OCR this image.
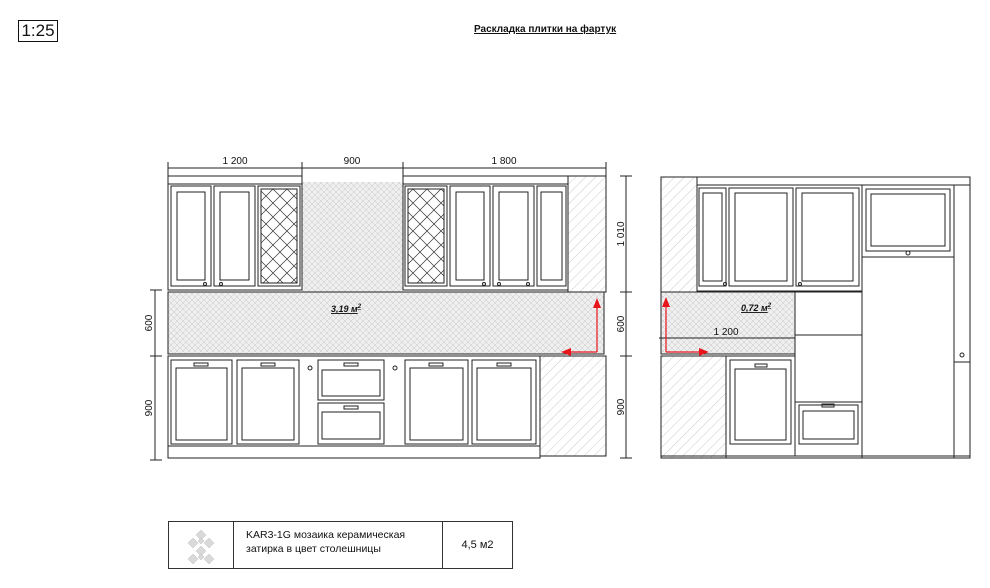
1:25	Раскладка плитки на фартук
1 200	900	1 800
600
900
1 010
600
900
3,19 $м^2$	0,72 $м^2$
1 200
KAR3-1G мозаика керамическая
затирка в цвет столешницы	4,5 м2
